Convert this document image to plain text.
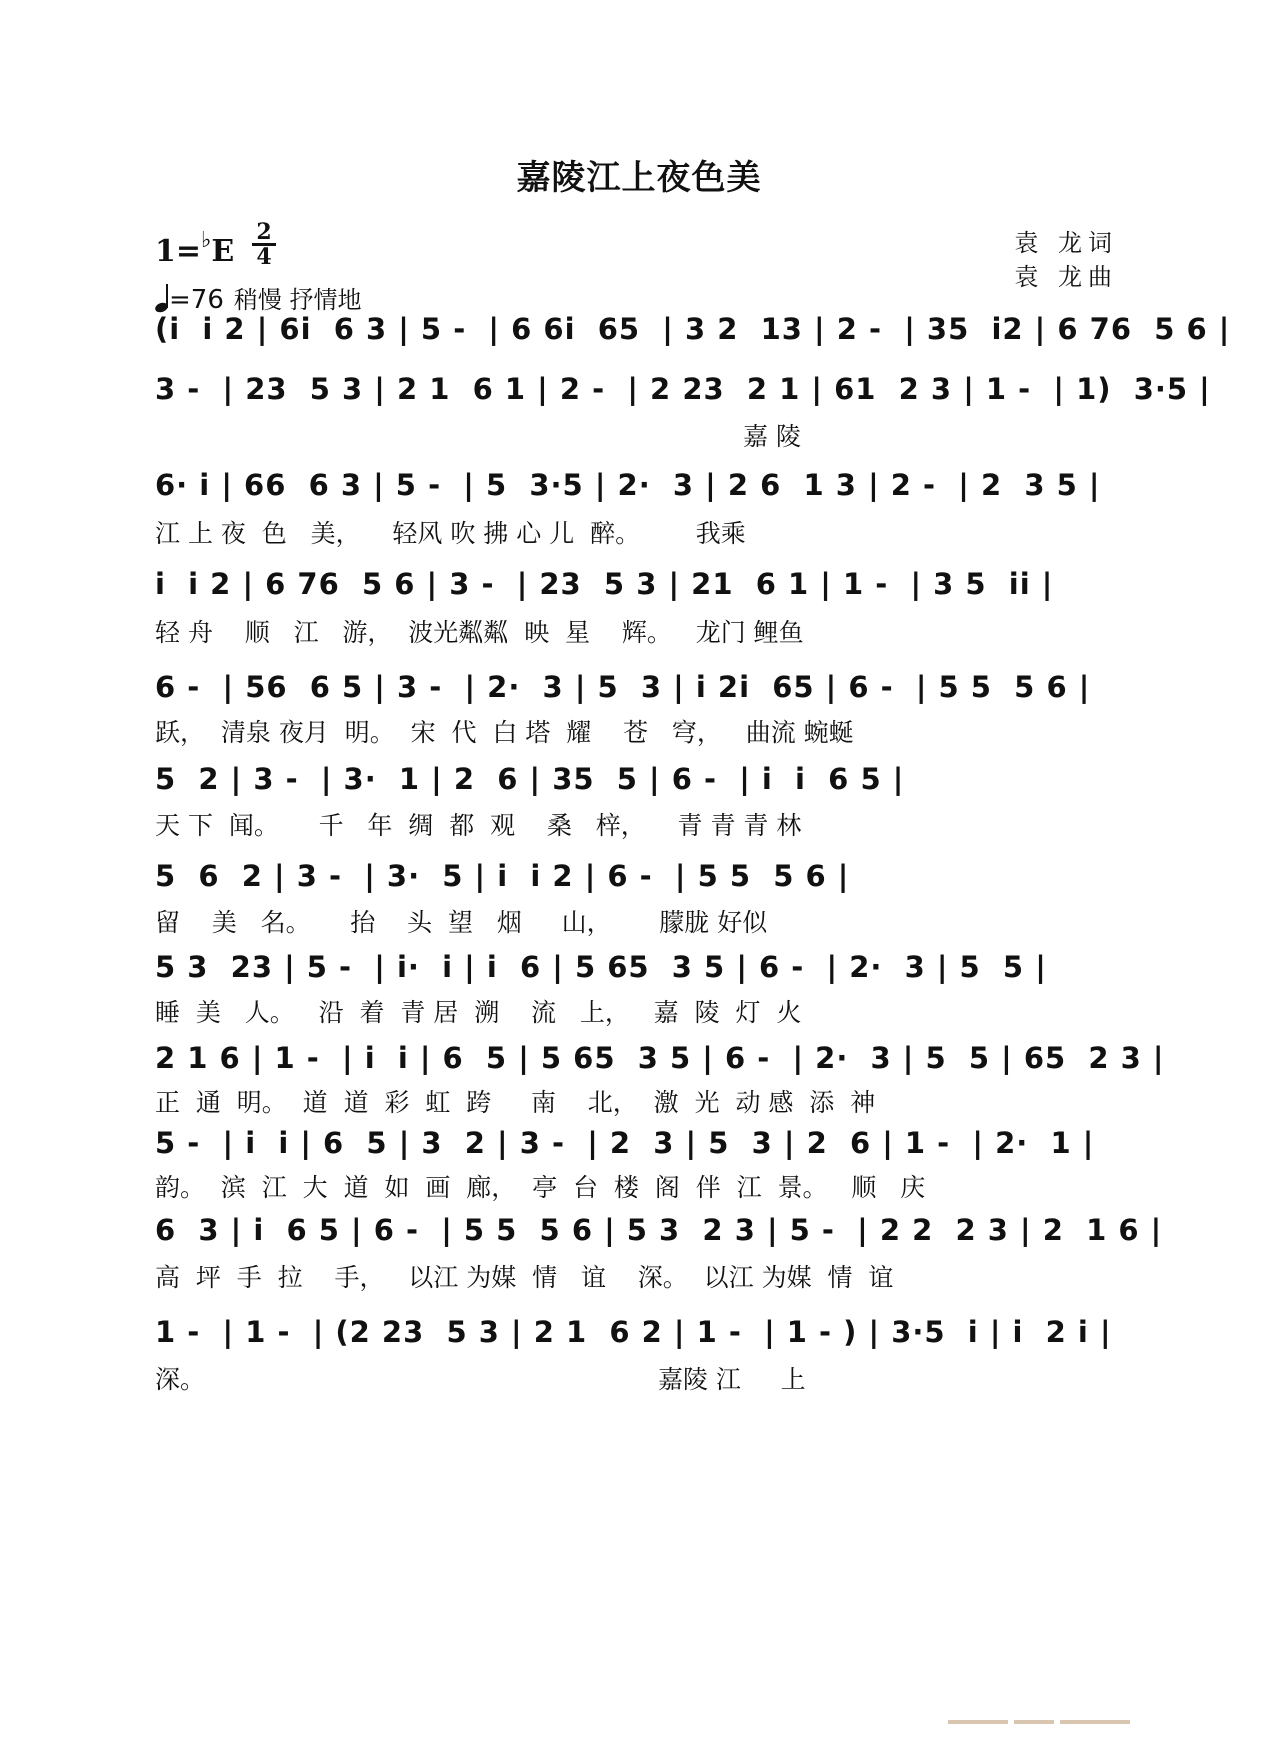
嘉陵江上夜色美
1=♭E
2
4
=76 稍慢 抒情地
袁 龙词
袁 龙曲
(i  i 2 | 6i  6 3 | 5 -  | 6 6i  65  | 3 2  13 | 2 -  | 35  i2 | 6 76  5 6 |
3 -  | 23  5 3 | 2 1  6 1 | 2 -  | 2 23  2 1 | 61  2 3 | 1 -  | 1)  3·5 |
嘉 陵
6· i | 66  6 3 | 5 -  | 5  3·5 | 2·  3 | 2 6  1 3 | 2 -  | 2  3 5 |
江 上 夜  色   美，    轻风 吹 拂 心 儿  醉。       我乘
i  i 2 | 6 76  5 6 | 3 -  | 23  5 3 | 21  6 1 | 1 -  | 3 5  ii |
轻 舟    顺   江   游，  波光粼粼  映  星    辉。   龙门 鲤鱼
6 -  | 56  6 5 | 3 -  | 2·  3 | 5  3 | i 2i  65 | 6 -  | 5 5  5 6 |
跃，  清泉 夜月  明。  宋  代  白 塔  耀    苍   穹，   曲流 蜿蜒
5  2 | 3 -  | 3·  1 | 2  6 | 35  5 | 6 -  | i  i  6 5 |
天 下  闻。     千   年  绸  都  观    桑   梓，    青 青 青 林
5  6  2 | 3 -  | 3·  5 | i  i 2 | 6 -  | 5 5  5 6 |
留    美   名。     抬    头  望   烟     山，      朦胧 好似
5 3  23 | 5 -  | i·  i | i  6 | 5 65  3 5 | 6 -  | 2·  3 | 5  5 |
睡  美   人。   沿  着  青 居  溯    流   上，   嘉  陵  灯  火
2 1 6 | 1 -  | i  i | 6  5 | 5 65  3 5 | 6 -  | 2·  3 | 5  5 | 65  2 3 |
正  通  明。  道  道  彩  虹  跨     南    北，  激  光  动 感  添  神
5 -  | i  i | 6  5 | 3  2 | 3 -  | 2  3 | 5  3 | 2  6 | 1 -  | 2·  1 |
韵。  滨  江  大  道  如  画  廊，  亭  台  楼  阁  伴  江  景。   顺   庆
6  3 | i  6 5 | 6 -  | 5 5  5 6 | 5 3  2 3 | 5 -  | 2 2  2 3 | 2  1 6 |
高  坪  手  拉    手，   以江 为媒  情   谊    深。  以江 为媒  情  谊
1 -  | 1 -  | (2 23  5 3 | 2 1  6 2 | 1 -  | 1 - ) | 3·5  i | i  2 i |
深。                                                         嘉陵 江     上
